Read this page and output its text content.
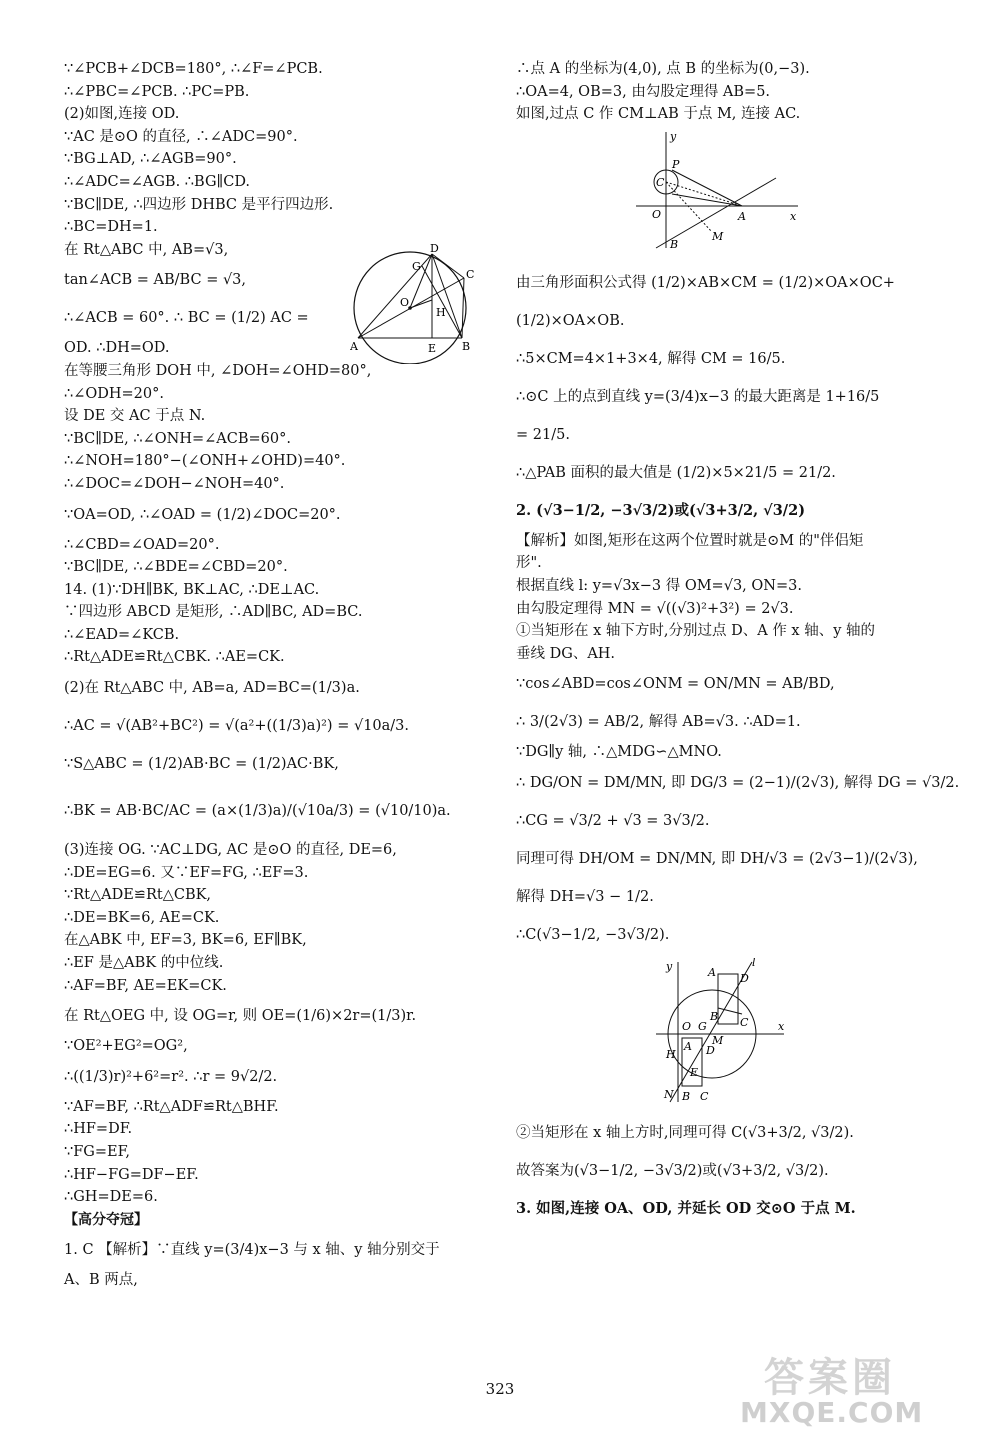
∵∠PCB+∠DCB=180°, ∴∠F=∠PCB.
∴∠PBC=∠PCB. ∴PC=PB.
(2)如图,连接 OD.
∵AC 是⊙O 的直径, ∴∠ADC=90°.
∵BG⊥AD, ∴∠AGB=90°.
∴∠ADC=∠AGB. ∴BG∥CD.
∵BC∥DE, ∴四边形 DHBC 是平行四边形.
∴BC=DH=1.
在 Rt△ABC 中, AB=√3,
tan∠ACB = AB/BC = √3,
∴∠ACB = 60°. ∴ BC = (1/2) AC =
OD. ∴DH=OD.
在等腰三角形 DOH 中, ∠DOH=∠OHD=80°,
∴∠ODH=20°.
设 DE 交 AC 于点 N.
∵BC∥DE, ∴∠ONH=∠ACB=60°.
∴∠NOH=180°−(∠ONH+∠OHD)=40°.
∴∠DOC=∠DOH−∠NOH=40°.
∵OA=OD, ∴∠OAD = (1/2)∠DOC=20°.
∴∠CBD=∠OAD=20°.
∵BC∥DE, ∴∠BDE=∠CBD=20°.
14. (1)∵DH∥BK, BK⊥AC, ∴DE⊥AC.
∵四边形 ABCD 是矩形, ∴AD∥BC, AD=BC.
∴∠EAD=∠KCB.
∴Rt△ADE≌Rt△CBK. ∴AE=CK.
(2)在 Rt△ABC 中, AB=a, AD=BC=(1/3)a.
∴AC = √(AB²+BC²) = √(a²+((1/3)a)²) = √10a/3.
∵S△ABC = (1/2)AB·BC = (1/2)AC·BK,
∴BK = AB·BC/AC = (a×(1/3)a)/(√10a/3) = (√10/10)a.
(3)连接 OG. ∵AC⊥DG, AC 是⊙O 的直径, DE=6,
∴DE=EG=6. 又∵EF=FG, ∴EF=3.
∵Rt△ADE≌Rt△CBK,
∴DE=BK=6, AE=CK.
在△ABK 中, EF=3, BK=6, EF∥BK,
∴EF 是△ABK 的中位线.
∴AF=BF, AE=EK=CK.
在 Rt△OEG 中, 设 OG=r, 则 OE=(1/6)×2r=(1/3)r.
∵OE²+EG²=OG²,
∴((1/3)r)²+6²=r². ∴r = 9√2/2.
∵AF=BF, ∴Rt△ADF≌Rt△BHF.
∴HF=DF.
∵FG=EF,
∴HF−FG=DF−EF.
∴GH=DE=6.
【高分夺冠】
1. C 【解析】∵直线 y=(3/4)x−3 与 x 轴、y 轴分别交于
A、B 两点,
D
C
G
O
H
A	E B
∴点 A 的坐标为(4,0), 点 B 的坐标为(0,−3).
∴OA=4, OB=3, 由勾股定理得 AB=5.
如图,过点 C 作 CM⊥AB 于点 M, 连接 AC.
y
P
C
O	A	x
B
M
由三角形面积公式得 (1/2)×AB×CM = (1/2)×OA×OC+
(1/2)×OA×OB.
∴5×CM=4×1+3×4, 解得 CM = 16/5.
∴⊙C 上的点到直线 y=(3/4)x−3 的最大距离是 1+16/5
= 21/5.
∴△PAB 面积的最大值是 (1/2)×5×21/5 = 21/2.
2. (√3−1/2, −3√3/2)或(√3+3/2, √3/2)
【解析】如图,矩形在这两个位置时就是⊙M 的"伴侣矩
形".
根据直线 l: y=√3x−3 得 OM=√3, ON=3.
由勾股定理得 MN = √((√3)²+3²) = 2√3.
①当矩形在 x 轴下方时,分别过点 D、A 作 x 轴、y 轴的
垂线 DG、AH.
∵cos∠ABD=cos∠ONM = ON/MN = AB/BD,
∴ 3/(2√3) = AB/2, 解得 AB=√3. ∴AD=1.
∵DG∥y 轴, ∴△MDG∽△MNO.
∴ DG/ON = DM/MN, 即 DG/3 = (2−1)/(2√3), 解得 DG = √3/2.
∴CG = √3/2 + √3 = 3√3/2.
同理可得 DH/OM = DN/MN, 即 DH/√3 = (2√3−1)/(2√3),
解得 DH=√3 − 1/2.
∴C(√3−1/2, −3√3/2).
y	l
A D
B C
O G
M
x
H
A D
E
N B C
②当矩形在 x 轴上方时,同理可得 C(√3+3/2, √3/2).
故答案为(√3−1/2, −3√3/2)或(√3+3/2, √3/2).
3. 如图,连接 OA、OD, 并延长 OD 交⊙O 于点 M.
323	答案圈
MXQE.COM
